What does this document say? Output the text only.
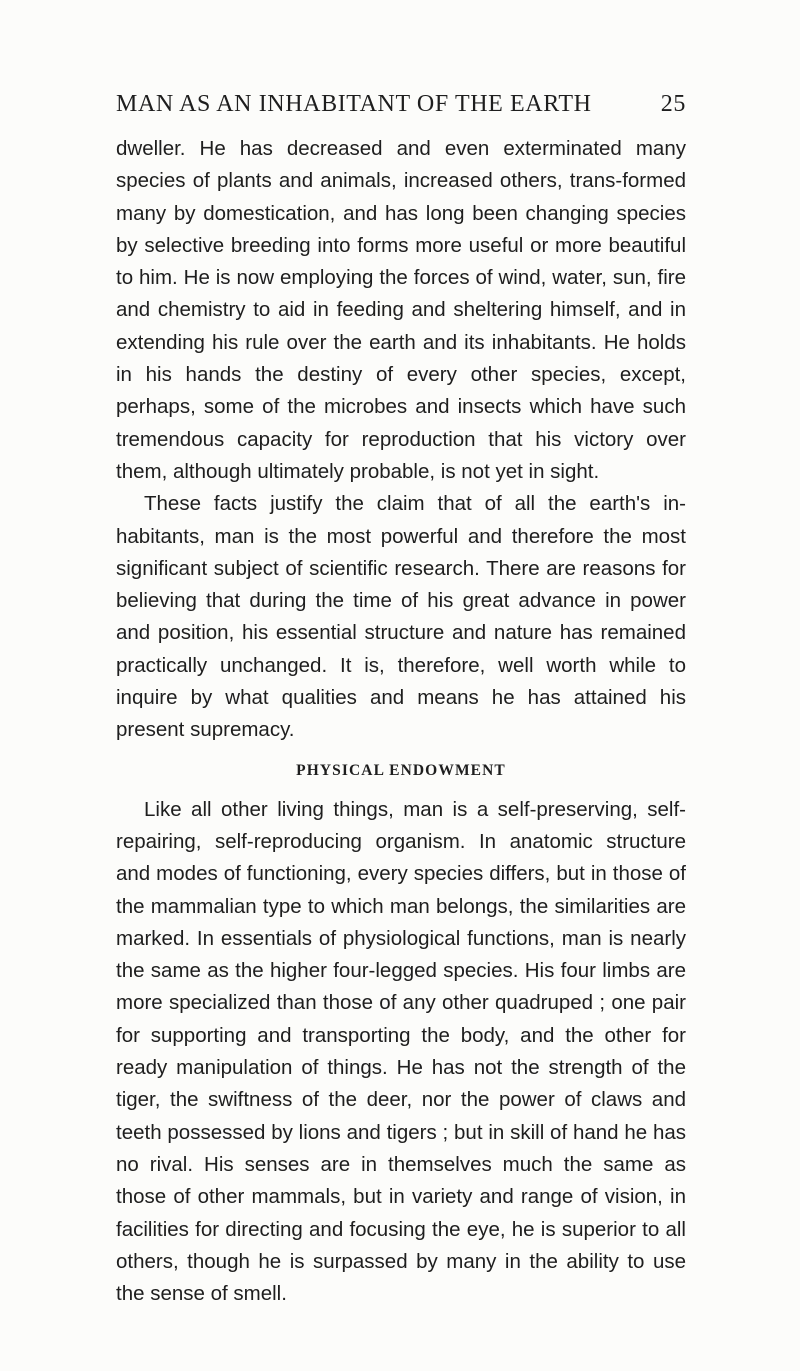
MAN AS AN INHABITANT OF THE EARTH	25

dweller. He has decreased and even exterminated many species of plants and animals, increased others, trans-formed many by domestication, and has long been changing species by selective breeding into forms more useful or more beautiful to him. He is now employing the forces of wind, water, sun, fire and chemistry to aid in feeding and sheltering himself, and in extending his rule over the earth and its inhabitants. He holds in his hands the destiny of every other species, except, perhaps, some of the microbes and insects which have such tremendous capacity for reproduction that his victory over them, although ultimately probable, is not yet in sight.

These facts justify the claim that of all the earth's in-habitants, man is the most powerful and therefore the most significant subject of scientific research. There are reasons for believing that during the time of his great advance in power and position, his essential structure and nature has remained practically unchanged. It is, therefore, well worth while to inquire by what qualities and means he has attained his present supremacy.

PHYSICAL ENDOWMENT

Like all other living things, man is a self-preserving, self-repairing, self-reproducing organism. In anatomic structure and modes of functioning, every species differs, but in those of the mammalian type to which man belongs, the similarities are marked. In essentials of physiological functions, man is nearly the same as the higher four-legged species. His four limbs are more specialized than those of any other quadruped ; one pair for supporting and transporting the body, and the other for ready manipulation of things. He has not the strength of the tiger, the swiftness of the deer, nor the power of claws and teeth possessed by lions and tigers ; but in skill of hand he has no rival. His senses are in themselves much the same as those of other mammals, but in variety and range of vision, in facilities for directing and focusing the eye, he is superior to all others, though he is surpassed by many in the ability to use the sense of smell.
